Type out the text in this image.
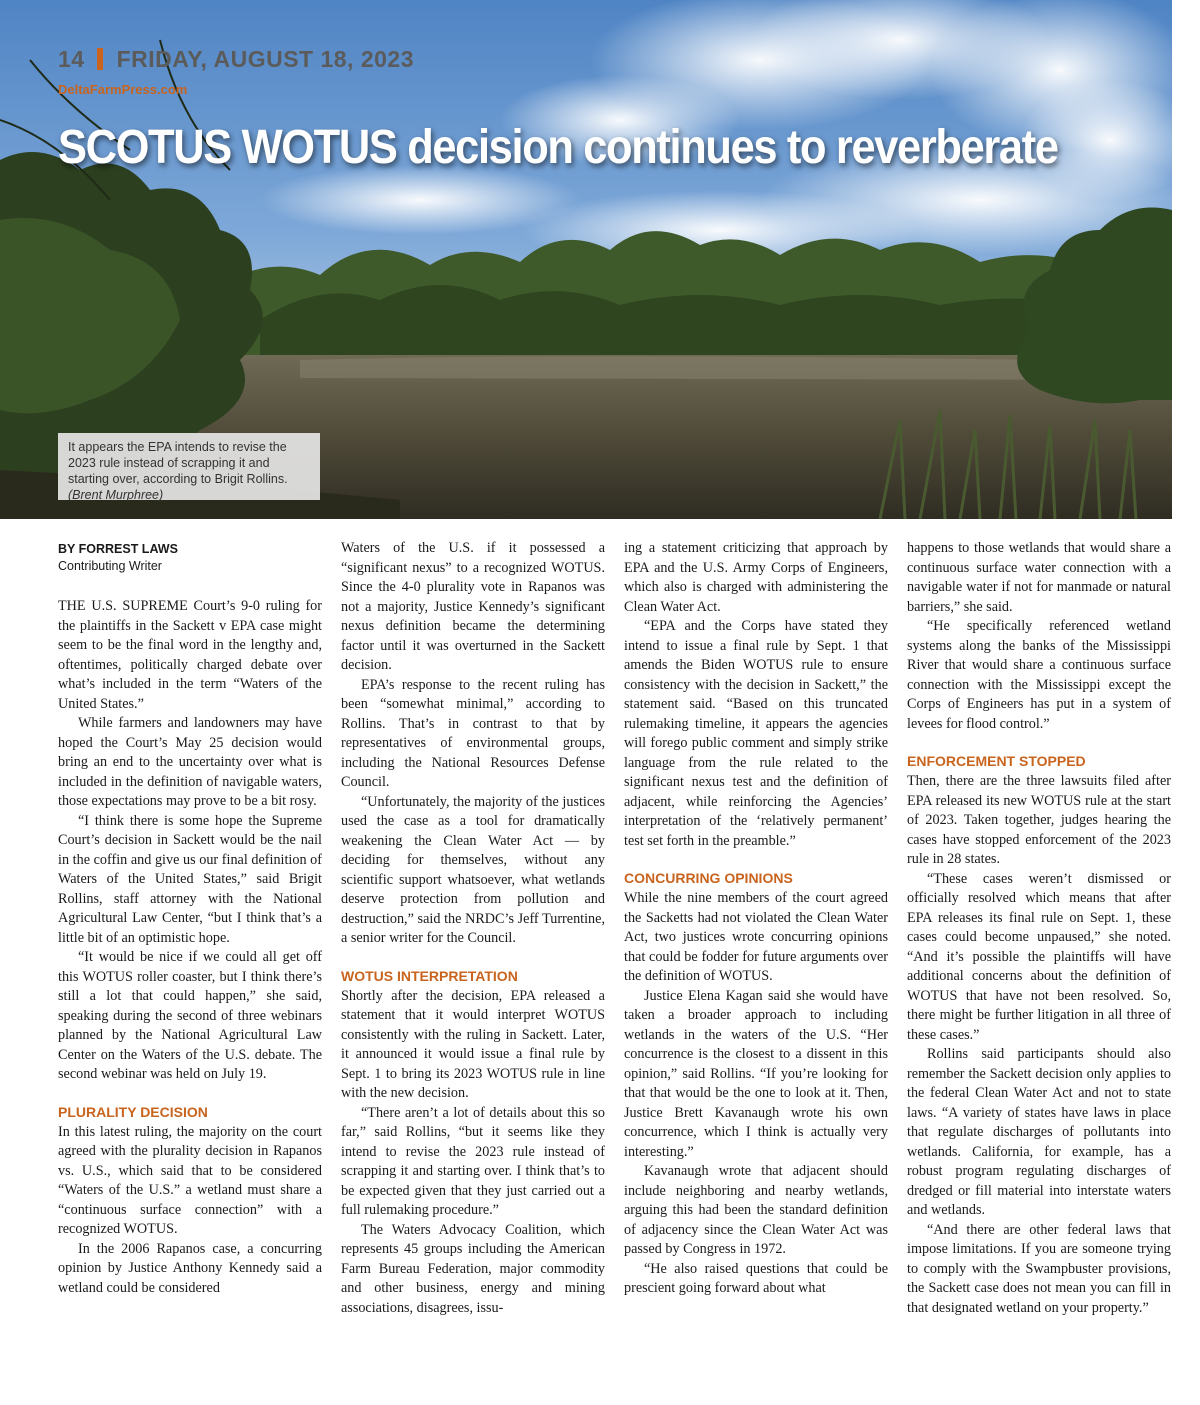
14 FRIDAY, AUGUST 18, 2023
DeltaFarmPress.com
SCOTUS WOTUS decision continues to reverberate
It appears the EPA intends to revise the 2023 rule instead of scrapping it and starting over, according to Brigit Rollins. (Brent Murphree)
BY FORREST LAWS
Contributing Writer

THE U.S. SUPREME Court’s 9-0 ruling for the plaintiffs in the Sackett v EPA case might seem to be the final word in the lengthy and, oftentimes, politically charged debate over what’s included in the term “Waters of the United States.”

While farmers and landowners may have hoped the Court’s May 25 decision would bring an end to the uncertainty over what is included in the definition of navigable waters, those expectations may prove to be a bit rosy.

“I think there is some hope the Supreme Court’s decision in Sackett would be the nail in the coffin and give us our final definition of Waters of the United States,” said Brigit Rollins, staff attorney with the National Agricultural Law Center, “but I think that’s a little bit of an optimistic hope.

“It would be nice if we could all get off this WOTUS roller coaster, but I think there’s still a lot that could happen,” she said, speaking during the second of three webinars planned by the National Agricultural Law Center on the Waters of the U.S. debate. The second webinar was held on July 19.

PLURALITY DECISION

In this latest ruling, the majority on the court agreed with the plurality decision in Rapanos vs. U.S., which said that to be considered “Waters of the U.S.” a wetland must share a “continuous surface connection” with a recognized WOTUS.

In the 2006 Rapanos case, a concurring opinion by Justice Anthony Kennedy said a wetland could be considered

Waters of the U.S. if it possessed a “significant nexus” to a recognized WOTUS. Since the 4-0 plurality vote in Rapanos was not a majority, Justice Kennedy’s significant nexus definition became the determining factor until it was overturned in the Sackett decision.

EPA’s response to the recent ruling has been “somewhat minimal,” according to Rollins. That’s in contrast to that by representatives of environmental groups, including the National Resources Defense Council.

“Unfortunately, the majority of the justices used the case as a tool for dramatically weakening the Clean Water Act — by deciding for themselves, without any scientific support whatsoever, what wetlands deserve protection from pollution and destruction,” said the NRDC’s Jeff Turrentine, a senior writer for the Council.

WOTUS INTERPRETATION

Shortly after the decision, EPA released a statement that it would interpret WOTUS consistently with the ruling in Sackett. Later, it announced it would issue a final rule by Sept. 1 to bring its 2023 WOTUS rule in line with the new decision.

“There aren’t a lot of details about this so far,” said Rollins, “but it seems like they intend to revise the 2023 rule instead of scrapping it and starting over. I think that’s to be expected given that they just carried out a full rulemaking procedure.”

The Waters Advocacy Coalition, which represents 45 groups including the American Farm Bureau Federation, major commodity and other business, energy and mining associations, disagrees, issu-

ing a statement criticizing that approach by EPA and the U.S. Army Corps of Engineers, which also is charged with administering the Clean Water Act.

“EPA and the Corps have stated they intend to issue a final rule by Sept. 1 that amends the Biden WOTUS rule to ensure consistency with the decision in Sackett,” the statement said. “Based on this truncated rulemaking timeline, it appears the agencies will forego public comment and simply strike language from the rule related to the significant nexus test and the definition of adjacent, while reinforcing the Agencies’ interpretation of the ‘relatively permanent’ test set forth in the preamble.”

CONCURRING OPINIONS

While the nine members of the court agreed the Sacketts had not violated the Clean Water Act, two justices wrote concurring opinions that could be fodder for future arguments over the definition of WOTUS.

Justice Elena Kagan said she would have taken a broader approach to including wetlands in the waters of the U.S. “Her concurrence is the closest to a dissent in this opinion,” said Rollins. “If you’re looking for that that would be the one to look at it. Then, Justice Brett Kavanaugh wrote his own concurrence, which I think is actually very interesting.”

Kavanaugh wrote that adjacent should include neighboring and nearby wetlands, arguing this had been the standard definition of adjacency since the Clean Water Act was passed by Congress in 1972.

“He also raised questions that could be prescient going forward about what

happens to those wetlands that would share a continuous surface water connection with a navigable water if not for manmade or natural barriers,” she said.

“He specifically referenced wetland systems along the banks of the Mississippi River that would share a continuous surface connection with the Mississippi except the Corps of Engineers has put in a system of levees for flood control.”

ENFORCEMENT STOPPED

Then, there are the three lawsuits filed after EPA released its new WOTUS rule at the start of 2023. Taken together, judges hearing the cases have stopped enforcement of the 2023 rule in 28 states.

“These cases weren’t dismissed or officially resolved which means that after EPA releases its final rule on Sept. 1, these cases could become unpaused,” she noted. “And it’s possible the plaintiffs will have additional concerns about the definition of WOTUS that have not been resolved. So, there might be further litigation in all three of these cases.”

Rollins said participants should also remember the Sackett decision only applies to the federal Clean Water Act and not to state laws. “A variety of states have laws in place that regulate discharges of pollutants into wetlands. California, for example, has a robust program regulating discharges of dredged or fill material into interstate waters and wetlands.

“And there are other federal laws that impose limitations. If you are someone trying to comply with the Swampbuster provisions, the Sackett case does not mean you can fill in that designated wetland on your property.”
